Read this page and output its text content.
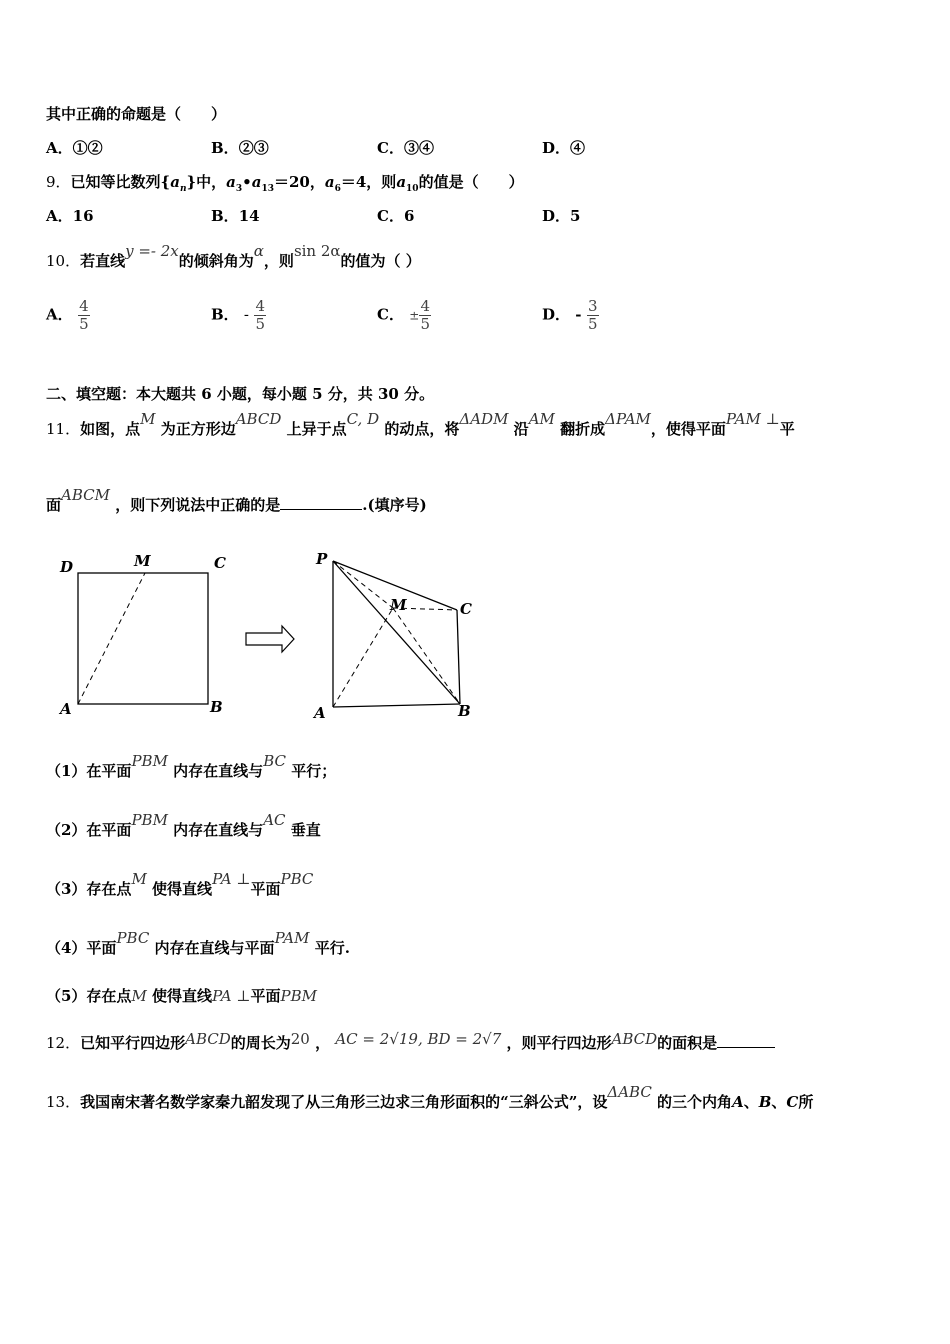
其中正确的命题是（　　）
A．①②	B．②③	C．③④	D．④
9．已知等比数列$\{a_n\}$中，$a_3•a_{13}=20$，$a_6=4$，则$a_{10}$的值是（　　）
A．16	B．14	C．6	D．5
10．若直线y =- 2x的倾斜角为α，则sin 2α的值为（ ）
A． $\frac{4}{5}$	B． - $\frac{4}{5}$	C． ± $\frac{4}{5}$	D． - $\frac{3}{5}$
二、填空题：本大题共 6 小题，每小题 5 分，共 30 分。
11．如图，点M 为正方形边ABCD 上异于点C, D 的动点，将ΔADM 沿AM 翻折成ΔPAM，使得平面PAM ⊥平
面ABCM ，则下列说法中正确的是	.(填序号)
D	M	C
A	B
P
M	C
A	B
（1）在平面PBM 内存在直线与BC 平行；
（2）在平面PBM 内存在直线与AC 垂直
（3）存在点M 使得直线PA ⊥平面PBC
（4）平面PBC 内存在直线与平面PAM 平行.
（5）存在点M 使得直线PA ⊥平面PBM
12．已知平行四边形ABCD的周长为20 ， AC = 2√19, BD = 2√7 ，则平行四边形ABCD的面积是
13．我国南宋著名数学家秦九韶发现了从三角形三边求三角形面积的“三斜公式”，设ΔABC 的三个内角A、B、C所
